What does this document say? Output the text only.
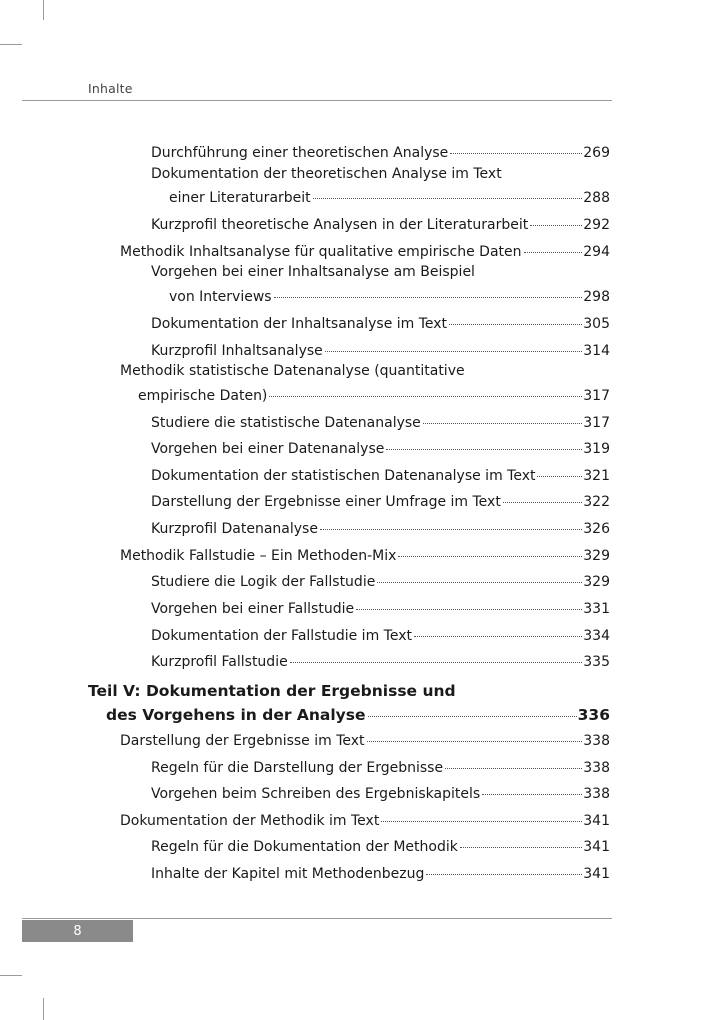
Inhalte
Durchführung einer theoretischen Analyse	269
Dokumentation der theoretischen Analyse im Text
einer Literaturarbeit	288
Kurzprofil theoretische Analysen in der Literaturarbeit	292
Methodik Inhaltsanalyse für qualitative empirische Daten	294
Vorgehen bei einer Inhaltsanalyse am Beispiel
von Interviews	298
Dokumentation der Inhaltsanalyse im Text	305
Kurzprofil Inhaltsanalyse	314
Methodik statistische Datenanalyse (quantitative
empirische Daten)	317
Studiere die statistische Datenanalyse	317
Vorgehen bei einer Datenanalyse	319
Dokumentation der statistischen Datenanalyse im Text	321
Darstellung der Ergebnisse einer Umfrage im Text	322
Kurzprofil Datenanalyse	326
Methodik Fallstudie – Ein Methoden-Mix	329
Studiere die Logik der Fallstudie	329
Vorgehen bei einer Fallstudie	331
Dokumentation der Fallstudie im Text	334
Kurzprofil Fallstudie	335
Teil V: Dokumentation der Ergebnisse und
des Vorgehens in der Analyse	336
Darstellung der Ergebnisse im Text	338
Regeln für die Darstellung der Ergebnisse	338
Vorgehen beim Schreiben des Ergebniskapitels	338
Dokumentation der Methodik im Text	341
Regeln für die Dokumentation der Methodik	341
Inhalte der Kapitel mit Methodenbezug	341
8
